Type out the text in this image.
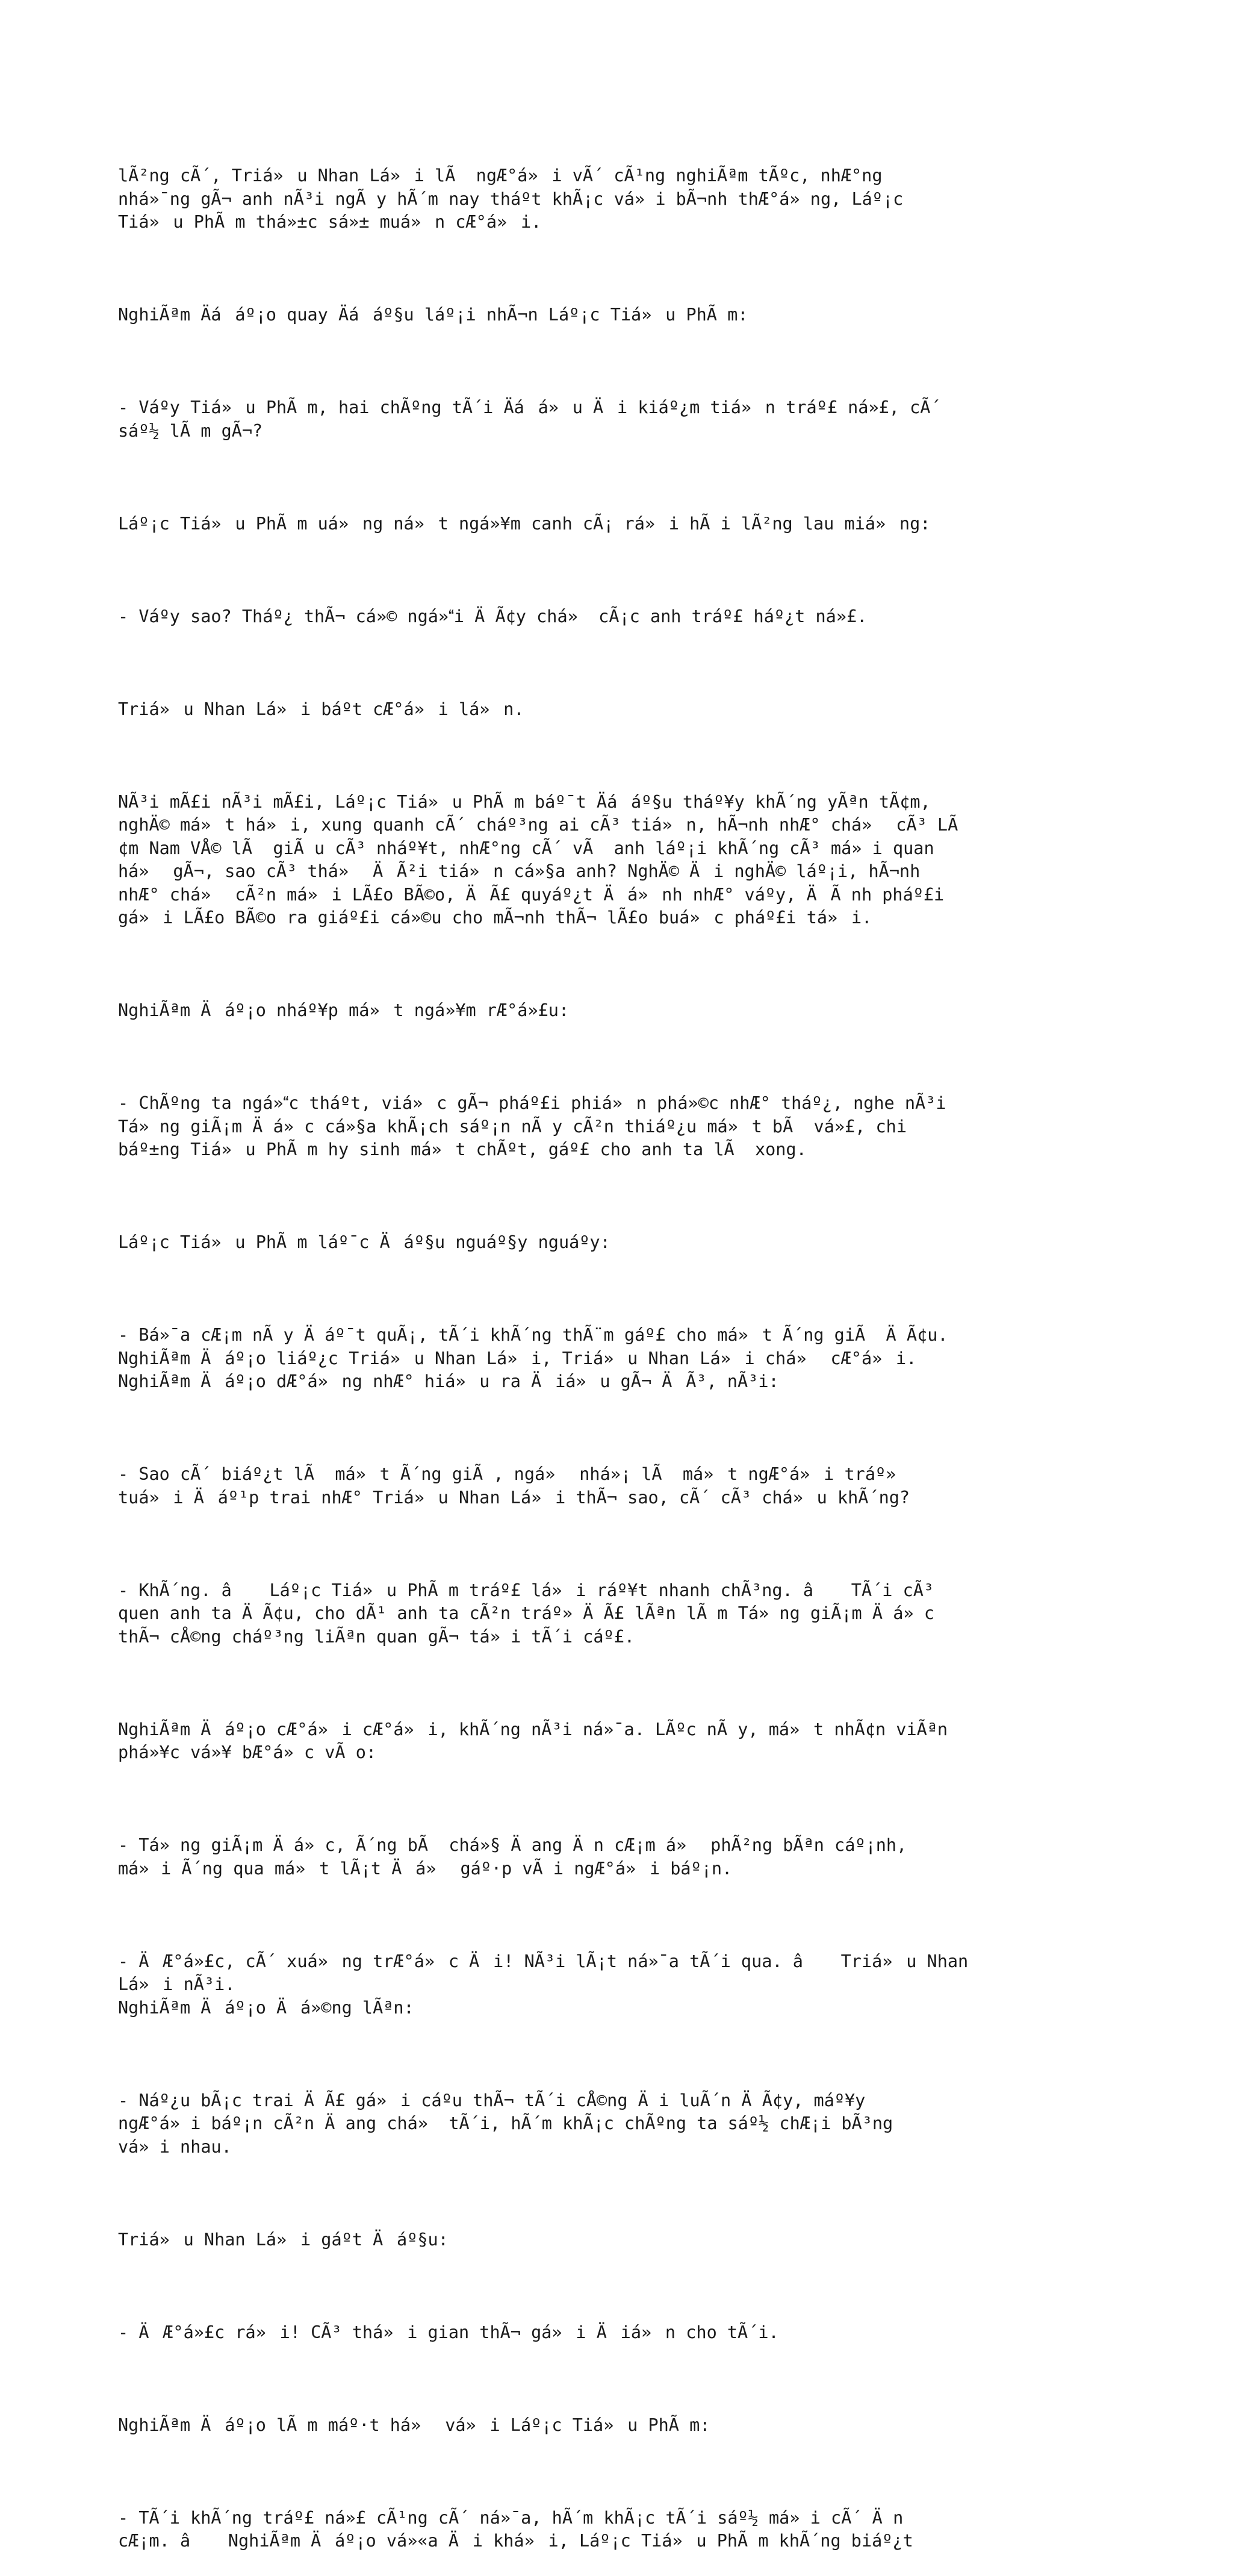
lÃ²ng cÃ´, Triá»u Nhan Lá»i lÃ  ngÆ°á»i vÃ´ cÃ¹ng nghiÃªm tÃºc, nhÆ°ng
nhá»¯ng gÃ¬ anh nÃ³i ngÃ y hÃ´m nay tháºt khÃ¡c vá»i bÃ¬nh thÆ°á»ng, Láº¡c
Tiá»u PhÃ m thá»±c sá»± muá»n cÆ°á»i.

NghiÃªm Äááº¡o quay Äááº§u láº¡i nhÃ¬n Láº¡c Tiá»u PhÃ m:

- Váºy Tiá»u PhÃ m, hai chÃºng tÃ´i Äáá»u Äi kiáº¿m tiá»n tráº£ ná»£, cÃ´
sáº½ lÃ m gÃ¬?

Láº¡c Tiá»u PhÃ m uá»ng ná»t ngá»¥m canh cÃ¡ rá»i hÃ i lÃ²ng lau miá»ng:

- Váºy sao? Tháº¿ thÃ¬ cá»© ngá»i ÄÃ¢y chá» cÃ¡c anh tráº£ háº¿t ná»£.

Triá»u Nhan Lá»i báºt cÆ°á»i lá»n.

NÃ³i mÃ£i nÃ³i mÃ£i, Láº¡c Tiá»u PhÃ m báº¯t Äááº§u tháº¥y khÃ´ng yÃªn tÃ¢m,
nghÄ© má»t há»i, xung quanh cÃ´ cháº³ng ai cÃ³ tiá»n, hÃ¬nh nhÆ° chá» cÃ³ LÃ
¢m Nam VÅ© lÃ  giÃ u cÃ³ nháº¥t, nhÆ°ng cÃ´ vÃ  anh láº¡i khÃ´ng cÃ³ má»i quan
há» gÃ¬, sao cÃ³ thá» ÄÃ²i tiá»n cá»§a anh? NghÄ© Äi nghÄ© láº¡i, hÃ¬nh
nhÆ° chá» cÃ²n má»i LÃ£o BÃ©o, ÄÃ£ quyáº¿t Äá»nh nhÆ° váºy, ÄÃ nh pháº£i
gá»i LÃ£o BÃ©o ra giáº£i cá»©u cho mÃ¬nh thÃ¬ lÃ£o buá»c pháº£i tá»i.

NghiÃªm Äáº¡o nháº¥p má»t ngá»¥m rÆ°á»£u:

- ChÃºng ta ngá»c tháºt, viá»c gÃ¬ pháº£i phiá»n phá»©c nhÆ° tháº¿, nghe nÃ³i
Tá»ng giÃ¡m Äá»c cá»§a khÃ¡ch sáº¡n nÃ y cÃ²n thiáº¿u má»t bÃ  vá»£, chi
báº±ng Tiá»u PhÃ m hy sinh má»t chÃºt, gáº£ cho anh ta lÃ  xong.

Láº¡c Tiá»u PhÃ m láº¯c Äáº§u nguáº§y nguáºy:

- Bá»¯a cÆ¡m nÃ y Äáº¯t quÃ¡, tÃ´i khÃ´ng thÃ¨m gáº£ cho má»t Ã´ng giÃ  ÄÃ¢u.
NghiÃªm Äáº¡o liáº¿c Triá»u Nhan Lá»i, Triá»u Nhan Lá»i chá» cÆ°á»i.
NghiÃªm Äáº¡o dÆ°á»ng nhÆ° hiá»u ra Äiá»u gÃ¬ ÄÃ³, nÃ³i:

- Sao cÃ´ biáº¿t lÃ  má»t Ã´ng giÃ , ngá» nhá»¡ lÃ  má»t ngÆ°á»i tráº»
tuá»i Äáº¹p trai nhÆ° Triá»u Nhan Lá»i thÃ¬ sao, cÃ´ cÃ³ chá»u khÃ´ng?

- KhÃ´ng. â Láº¡c Tiá»u PhÃ m tráº£ lá»i ráº¥t nhanh chÃ³ng. â TÃ´i cÃ³
quen anh ta ÄÃ¢u, cho dÃ¹ anh ta cÃ²n tráº» ÄÃ£ lÃªn lÃ m Tá»ng giÃ¡m Äá»c
thÃ¬ cÅ©ng cháº³ng liÃªn quan gÃ¬ tá»i tÃ´i cáº£.

NghiÃªm Äáº¡o cÆ°á»i cÆ°á»i, khÃ´ng nÃ³i ná»¯a. LÃºc nÃ y, má»t nhÃ¢n viÃªn
phá»¥c vá»¥ bÆ°á»c vÃ o:

- Tá»ng giÃ¡m Äá»c, Ã´ng bÃ  chá»§ Äang Än cÆ¡m á» phÃ²ng bÃªn cáº¡nh,
má»i Ã´ng qua má»t lÃ¡t Äá» gáº·p vÃ i ngÆ°á»i báº¡n.

- ÄÆ°á»£c, cÃ´ xuá»ng trÆ°á»c Äi! NÃ³i lÃ¡t ná»¯a tÃ´i qua. â Triá»u Nhan
Lá»i nÃ³i.
NghiÃªm Äáº¡o Äá»©ng lÃªn:

- Náº¿u bÃ¡c trai ÄÃ£ gá»i cáºu thÃ¬ tÃ´i cÅ©ng Äi luÃ´n ÄÃ¢y, máº¥y
ngÆ°á»i báº¡n cÃ²n Äang chá» tÃ´i, hÃ´m khÃ¡c chÃºng ta sáº½ chÆ¡i bÃ³ng
vá»i nhau.

Triá»u Nhan Lá»i gáºt Äáº§u:

- ÄÆ°á»£c rá»i! CÃ³ thá»i gian thÃ¬ gá»i Äiá»n cho tÃ´i.

NghiÃªm Äáº¡o lÃ m máº·t há» vá»i Láº¡c Tiá»u PhÃ m:

- TÃ´i khÃ´ng tráº£ ná»£ cÃ¹ng cÃ´ ná»¯a, hÃ´m khÃ¡c tÃ´i sáº½ má»i cÃ´ Än
cÆ¡m. â NghiÃªm Äáº¡o vá»«a Äi khá»i, Láº¡c Tiá»u PhÃ m khÃ´ng biáº¿t
